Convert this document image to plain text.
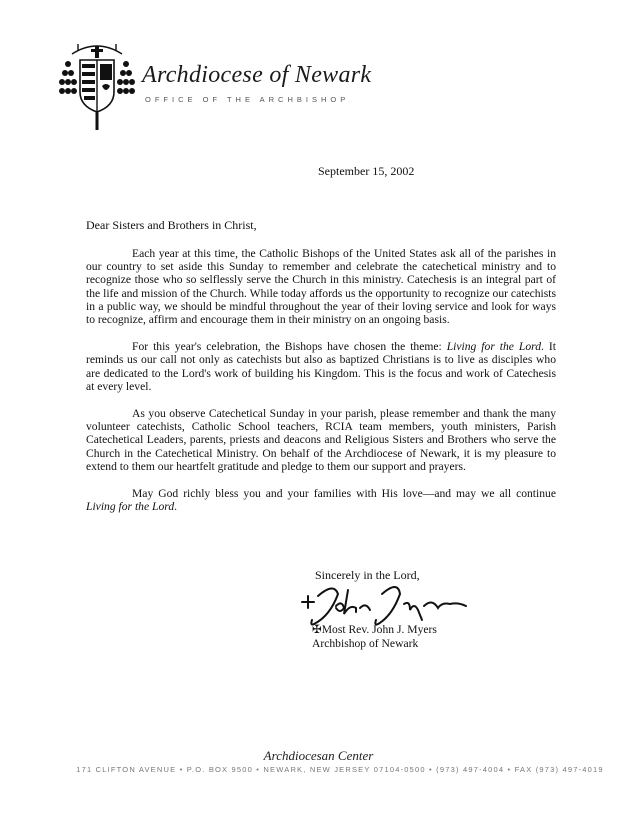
Archdiocese of Newark
OFFICE OF THE ARCHBISHOP
September 15, 2002
Dear Sisters and Brothers in Christ,

Each year at this time, the Catholic Bishops of the United States ask all of the parishes in our country to set aside this Sunday to remember and celebrate the catechetical ministry and to recognize those who so selflessly serve the Church in this ministry. Catechesis is an integral part of the life and mission of the Church. While today affords us the opportunity to recognize our catechists in a public way, we should be mindful throughout the year of their loving service and look for ways to recognize, affirm and encourage them in their ministry on an ongoing basis.

For this year's celebration, the Bishops have chosen the theme: Living for the Lord. It reminds us our call not only as catechists but also as baptized Christians is to live as disciples who are dedicated to the Lord's work of building his Kingdom. This is the focus and work of Catechesis at every level.

As you observe Catechetical Sunday in your parish, please remember and thank the many volunteer catechists, Catholic School teachers, RCIA team members, youth ministers, Parish Catechetical Leaders, parents, priests and deacons and Religious Sisters and Brothers who serve the Church in the Catechetical Ministry. On behalf of the Archdiocese of Newark, it is my pleasure to extend to them our heartfelt gratitude and pledge to them our support and prayers.

May God richly bless you and your families with His love—and may we all continue Living for the Lord.

Sincerely in the Lord,
✠Most Rev. John J. Myers
Archbishop of Newark
Archdiocesan Center
171 CLIFTON AVENUE • P.O. BOX 9500 • NEWARK, NEW JERSEY 07104-0500 • (973) 497-4004 • FAX (973) 497-4019
